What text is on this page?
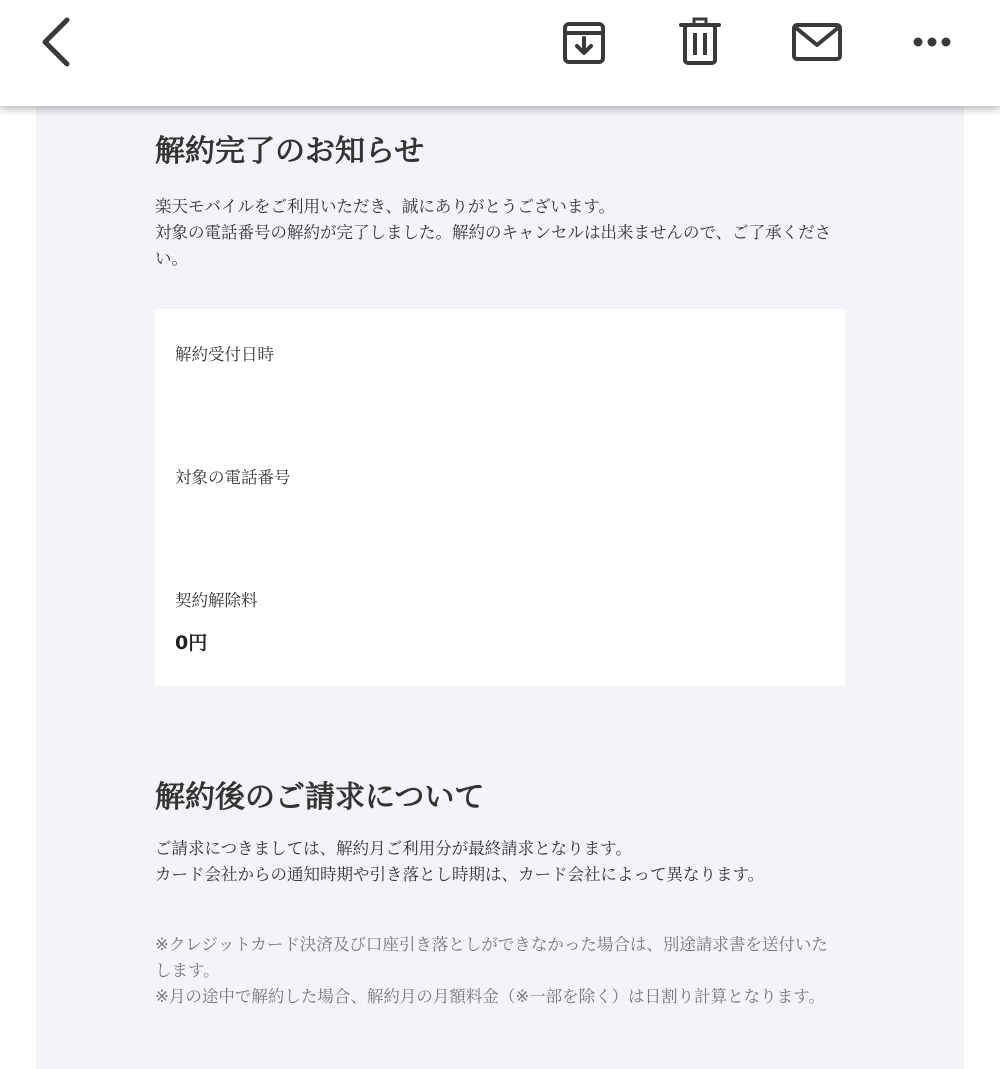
解約完了のお知らせ
楽天モバイルをご利用いただき、誠にありがとうございます。
対象の電話番号の解約が完了しました。解約のキャンセルは出来ませんので、ご了承ください。
解約受付日時
対象の電話番号
契約解除料
0円
解約後のご請求について
ご請求につきましては、解約月ご利用分が最終請求となります。
カード会社からの通知時期や引き落とし時期は、カード会社によって異なります。
※クレジットカード決済及び口座引き落としができなかった場合は、別途請求書を送付いたします。
※月の途中で解約した場合、解約月の月額料金（※一部を除く）は日割り計算となります。
